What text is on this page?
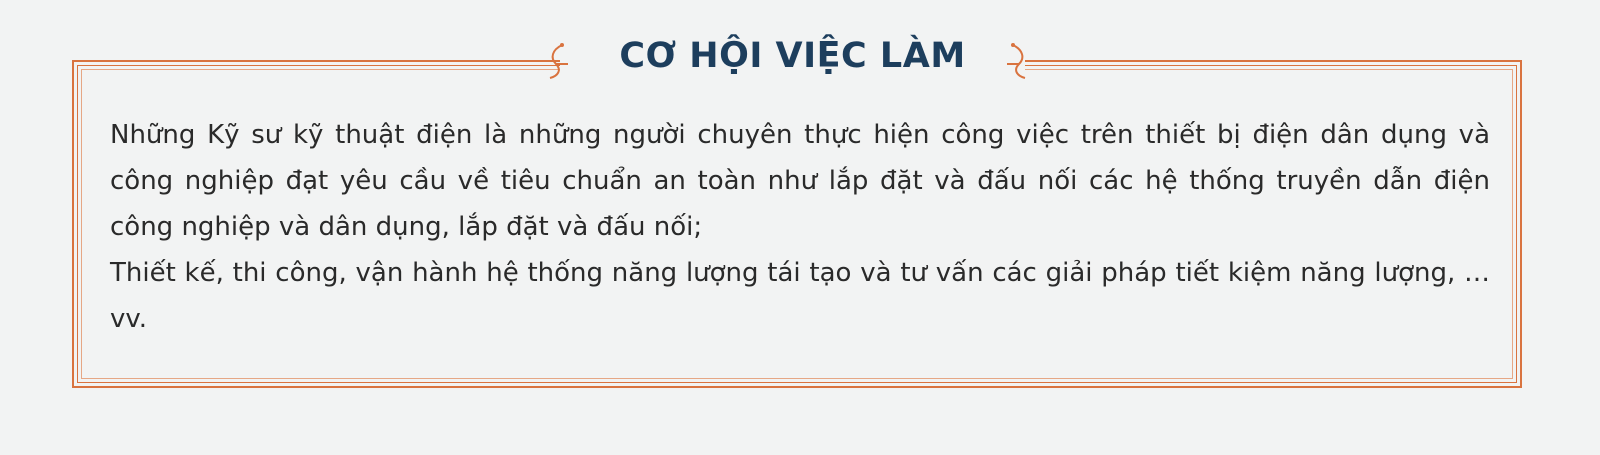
CƠ HỘI VIỆC LÀM

Những Kỹ sư kỹ thuật điện là những người chuyên thực hiện công việc trên thiết bị điện dân dụng và công nghiệp đạt yêu cầu về tiêu chuẩn an toàn như lắp đặt và đấu nối các hệ thống truyền dẫn điện công nghiệp và dân dụng, lắp đặt và đấu nối;

Thiết kế, thi công, vận hành hệ thống năng lượng tái tạo và tư vấn các giải pháp tiết kiệm năng lượng, …vv.
